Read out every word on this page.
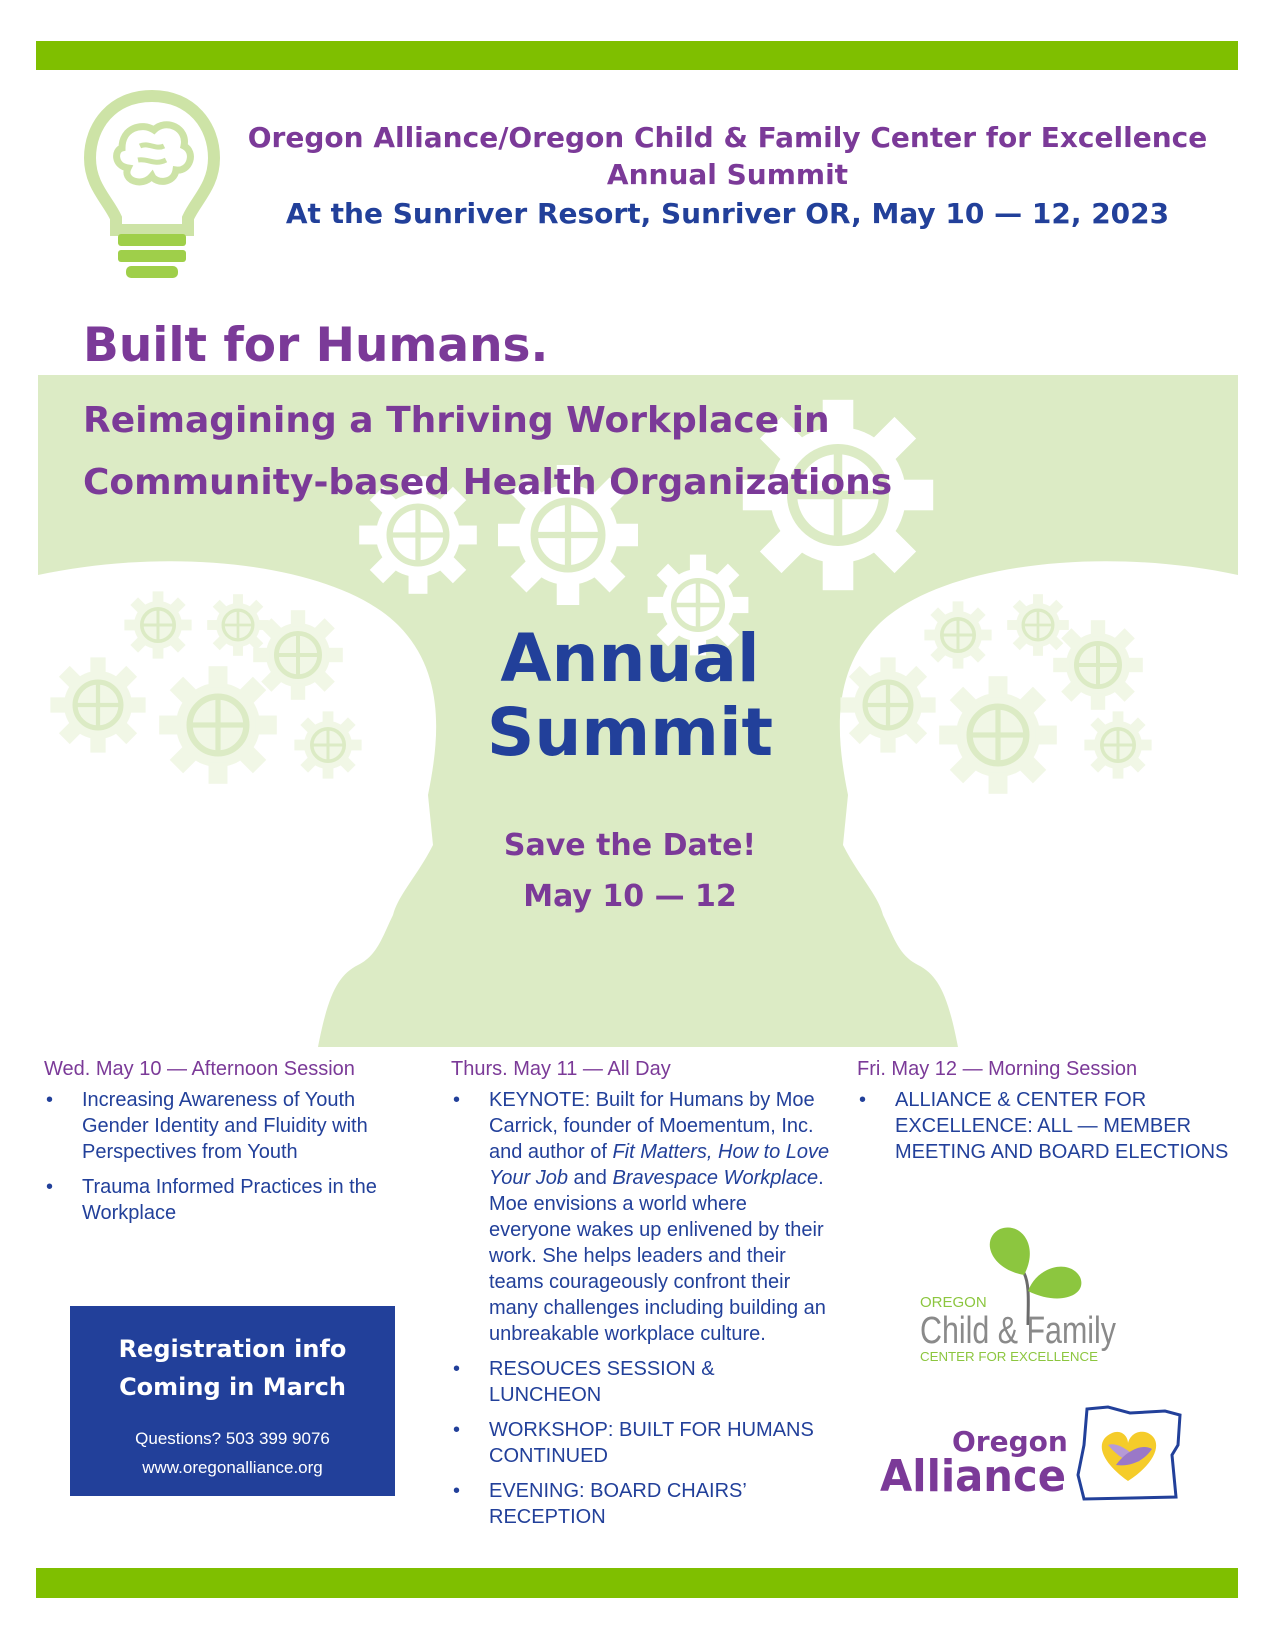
Oregon Alliance/Oregon Child & Family Center for Excellence
Annual Summit
At the Sunriver Resort, Sunriver OR, May 10 — 12, 2023
Built for Humans.
Reimagining a Thriving Workplace in
Community-based Health Organizations
Annual
Summit
Save the Date!
May 10 — 12
Wed. May 10 — Afternoon Session
• Increasing Awareness of Youth Gender Identity and Fluidity with Perspectives from Youth
• Trauma Informed Practices in the Workplace
Thurs. May 11 — All Day
• KEYNOTE: Built for Humans by Moe Carrick, founder of Moementum, Inc. and author of Fit Matters, How to Love Your Job and Bravespace Workplace. Moe envisions a world where everyone wakes up enlivened by their work. She helps leaders and their teams courageously confront their many challenges including building an unbreakable workplace culture.
• RESOUCES SESSION & LUNCHEON
• WORKSHOP: BUILT FOR HUMANS CONTINUED
• EVENING: BOARD CHAIRS’ RECEPTION
Fri. May 12 — Morning Session
• ALLIANCE & CENTER FOR EXCELLENCE: ALL — MEMBER MEETING AND BOARD ELECTIONS
Registration info
Coming in March
Questions? 503 399 9076
www.oregonalliance.org
OREGON
Child & Family
CENTER FOR EXCELLENCE
Oregon
Alliance
